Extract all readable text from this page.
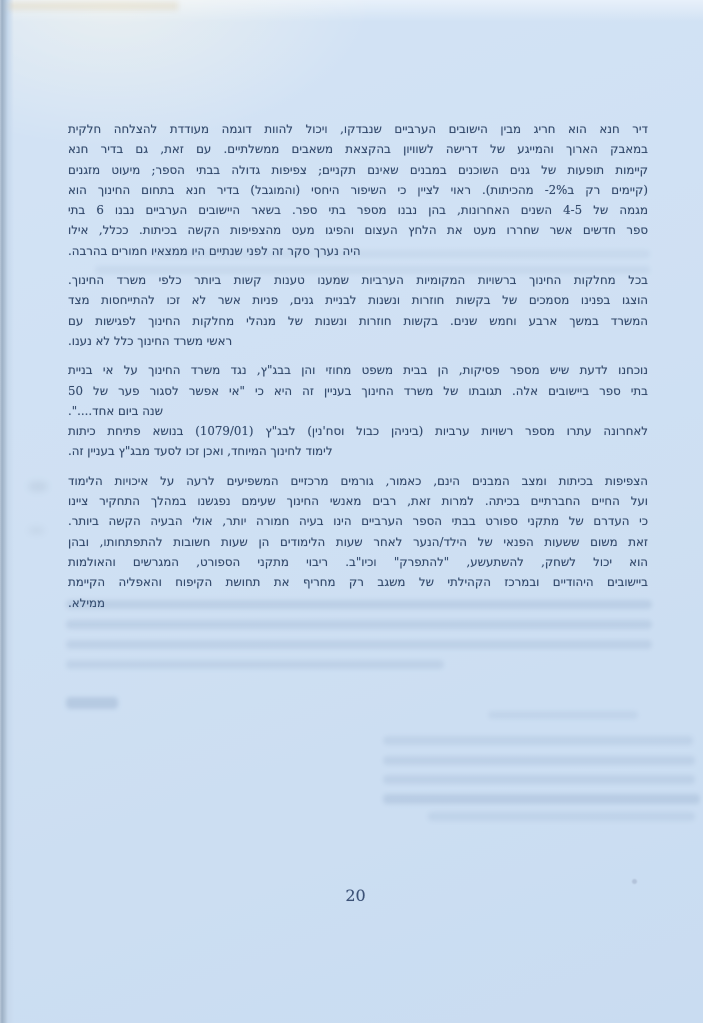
דיר חנא הוא חריג מבין הישובים הערביים שנבדקו, ויכול להוות דוגמה מעודדת להצלחה חלקית
במאבק הארוך והמייגע של דרישה לשוויון בהקצאת משאבים ממשלתיים. עם זאת, גם בדיר חנא
קיימות תופעות של גנים השוכנים במבנים שאינם תקניים; צפיפות גדולה בבתי הספר; מיעוט מזגנים
(קיימים רק ב‭-2%‬ מהכיתות). ראוי לציין כי השיפור היחסי (והמוגבל) בדיר חנא בתחום החינוך הוא
מגמה של 4-5 השנים האחרונות, בהן נבנו מספר בתי ספר. בשאר היישובים הערביים נבנו 6 בתי
ספר חדשים אשר שחררו מעט את הלחץ העצום והפיגו מעט מהצפיפות הקשה בכיתות. ככלל, אילו
היה נערך סקר זה לפני שנתיים היו ממצאיו חמורים בהרבה.
בכל מחלקות החינוך ברשויות המקומיות הערביות שמענו טענות קשות ביותר כלפי משרד החינוך.
הוצגו בפנינו מסמכים של בקשות חוזרות ונשנות לבניית גנים, פניות אשר לא זכו להתייחסות מצד
המשרד במשך ארבע וחמש שנים. בקשות חוזרות ונשנות של מנהלי מחלקות החינוך לפגישות עם
ראשי משרד החינוך כלל לא נענו.
נוכחנו לדעת שיש מספר פסיקות, הן בבית משפט מחוזי והן בבג"ץ, נגד משרד החינוך על אי בניית
בתי ספר ביישובים אלה. תגובתו של משרד החינוך בעניין זה היא כי "אי אפשר לסגור פער של 50
שנה ביום אחד....".
לאחרונה עתרו מספר רשויות ערביות (ביניהן כבול וסח'נין) לבג"ץ (1079/01) בנושא פתיחת כיתות
לימוד לחינוך המיוחד, ואכן זכו לסעד מבג"ץ בעניין זה.
הצפיפות בכיתות ומצב המבנים הינם, כאמור, גורמים מרכזיים המשפיעים לרעה על איכויות הלימוד
ועל החיים החברתיים בכיתה. למרות זאת, רבים מאנשי החינוך שעימם נפגשנו במהלך התחקיר ציינו
כי העדרם של מתקני ספורט בבתי הספר הערביים הינו בעיה חמורה יותר, אולי הבעיה הקשה ביותר.
זאת משום ששעות הפנאי של הילד/הנער לאחר שעות הלימודים הן שעות חשובות להתפתחותו, ובהן
הוא יכול לשחק, להשתעשע, "להתפרק" וכיו"ב. ריבוי מתקני הספורט, המגרשים והאולמות
ביישובים היהודיים ובמרכז הקהילתי של משגב רק מחריף את תחושת הקיפוח והאפליה הקיימת
ממילא.
20
